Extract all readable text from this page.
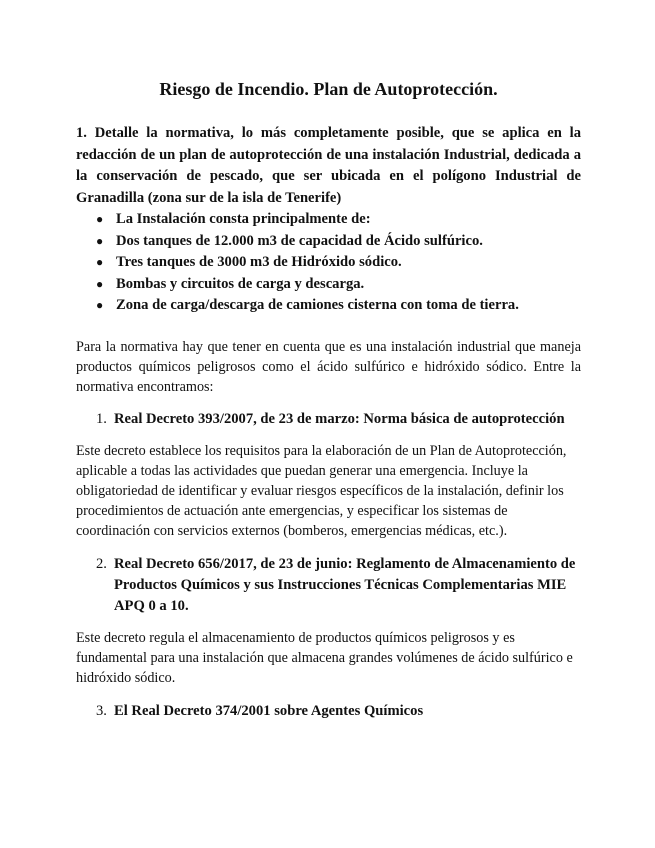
Riesgo de Incendio. Plan de Autoprotección.

1. Detalle la normativa, lo más completamente posible, que se aplica en la redacción de un plan de autoprotección de una instalación Industrial, dedicada a la conservación de pescado, que ser ubicada en el polígono Industrial de Granadilla (zona sur de la isla de Tenerife)

● La Instalación consta principalmente de:
● Dos tanques de 12.000 m3 de capacidad de Ácido sulfúrico.
● Tres tanques de 3000 m3 de Hidróxido sódico.
● Bombas y circuitos de carga y descarga.
● Zona de carga/descarga de camiones cisterna con toma de tierra.

Para la normativa hay que tener en cuenta que es una instalación industrial que maneja productos químicos peligrosos como el ácido sulfúrico e hidróxido sódico. Entre la normativa encontramos:

1. Real Decreto 393/2007, de 23 de marzo: Norma básica de autoprotección

Este decreto establece los requisitos para la elaboración de un Plan de Autoprotección, aplicable a todas las actividades que puedan generar una emergencia. Incluye la obligatoriedad de identificar y evaluar riesgos específicos de la instalación, definir los procedimientos de actuación ante emergencias, y especificar los sistemas de coordinación con servicios externos (bomberos, emergencias médicas, etc.).

2. Real Decreto 656/2017, de 23 de junio: Reglamento de Almacenamiento de Productos Químicos y sus Instrucciones Técnicas Complementarias MIE APQ 0 a 10.

Este decreto regula el almacenamiento de productos químicos peligrosos y es fundamental para una instalación que almacena grandes volúmenes de ácido sulfúrico e hidróxido sódico.

3. El Real Decreto 374/2001 sobre Agentes Químicos
